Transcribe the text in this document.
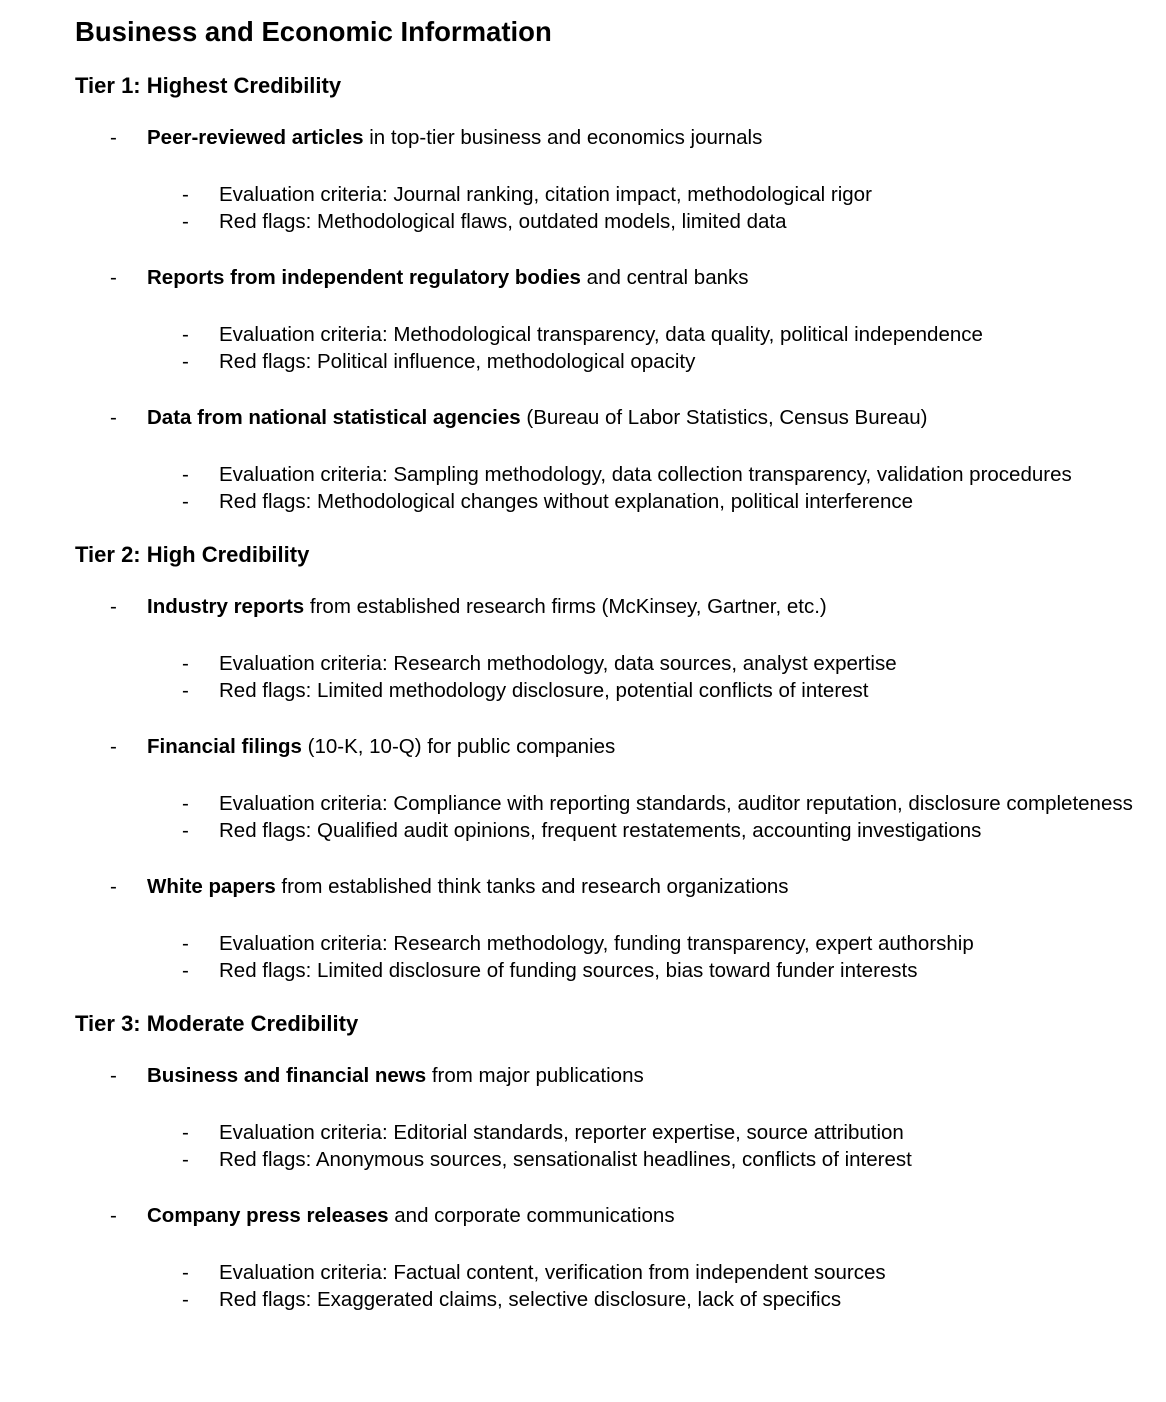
Business and Economic Information
Tier 1: Highest Credibility
- Peer-reviewed articles in top-tier business and economics journals
- Evaluation criteria: Journal ranking, citation impact, methodological rigor
- Red flags: Methodological flaws, outdated models, limited data
- Reports from independent regulatory bodies and central banks
- Evaluation criteria: Methodological transparency, data quality, political independence
- Red flags: Political influence, methodological opacity
- Data from national statistical agencies (Bureau of Labor Statistics, Census Bureau)
- Evaluation criteria: Sampling methodology, data collection transparency, validation procedures
- Red flags: Methodological changes without explanation, political interference
Tier 2: High Credibility
- Industry reports from established research firms (McKinsey, Gartner, etc.)
- Evaluation criteria: Research methodology, data sources, analyst expertise
- Red flags: Limited methodology disclosure, potential conflicts of interest
- Financial filings (10-K, 10-Q) for public companies
- Evaluation criteria: Compliance with reporting standards, auditor reputation, disclosure completeness
- Red flags: Qualified audit opinions, frequent restatements, accounting investigations
- White papers from established think tanks and research organizations
- Evaluation criteria: Research methodology, funding transparency, expert authorship
- Red flags: Limited disclosure of funding sources, bias toward funder interests
Tier 3: Moderate Credibility
- Business and financial news from major publications
- Evaluation criteria: Editorial standards, reporter expertise, source attribution
- Red flags: Anonymous sources, sensationalist headlines, conflicts of interest
- Company press releases and corporate communications
- Evaluation criteria: Factual content, verification from independent sources
- Red flags: Exaggerated claims, selective disclosure, lack of specifics
